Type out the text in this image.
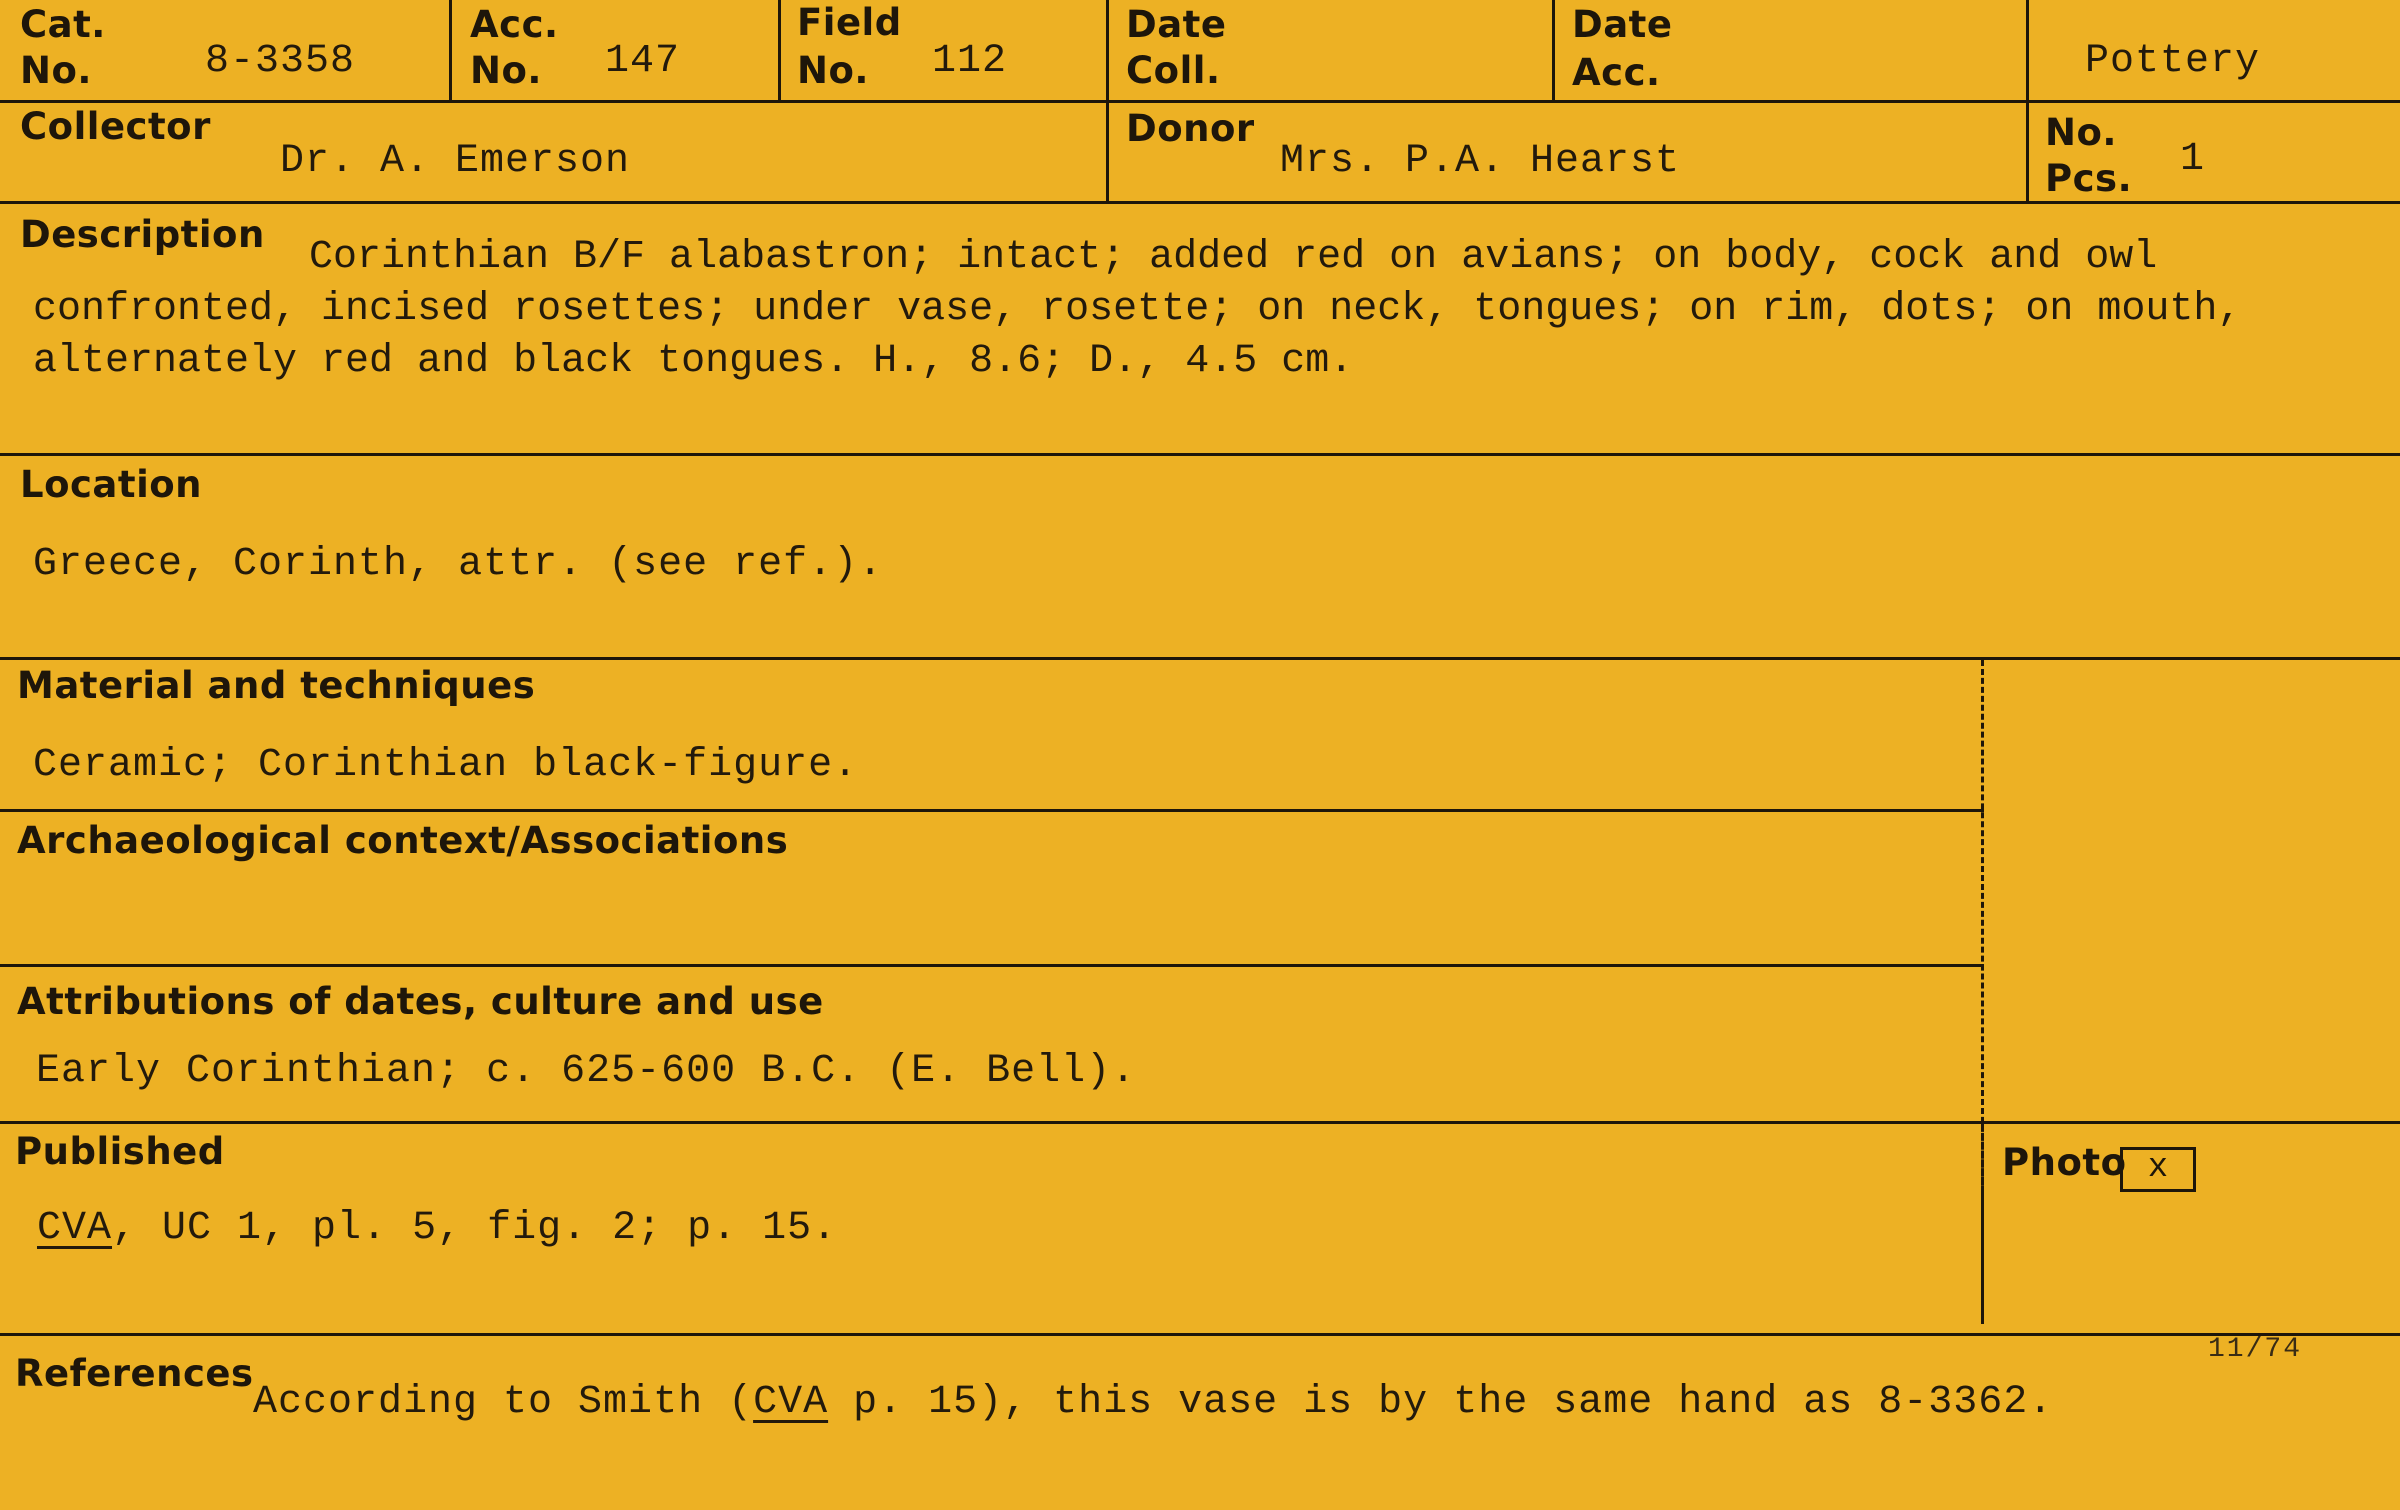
Cat.
No.	8-3358
Acc.
No. 147
Field
No. 112
Date
Coll.
Date
Acc.	Pottery
Collector
Dr. A. Emerson
Donor
Mrs. P.A. Hearst
No.
Pcs. 1
Description
Corinthian B/F alabastron; intact; added red on avians; on body, cock and owl
confronted, incised rosettes; under vase, rosette; on neck, tongues; on rim, dots; on mouth,
alternately red and black tongues. H., 8.6; D., 4.5 cm.
Location
Greece, Corinth, attr. (see ref.).
Material and techniques
Ceramic; Corinthian black-figure.
Archaeological context/Associations
Attributions of dates, culture and use
Early Corinthian; c. 625-600 B.C. (E. Bell).
Published
CVA, UC 1, pl. 5, fig. 2; p. 15.
Photo x
11/74
References
According to Smith (CVA p. 15), this vase is by the same hand as 8-3362.
